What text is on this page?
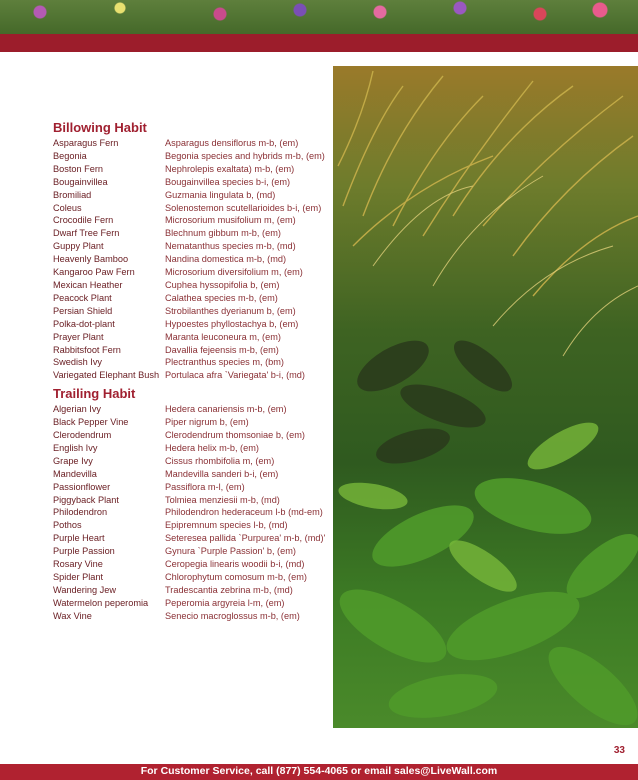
Billowing Habit
Asparagus Fern	Asparagus densiflorus m-b, (em)
Begonia	Begonia species and hybrids m-b, (em)
Boston Fern	Nephrolepis exaltata) m-b, (em)
Bougainvillea	Bougainvillea species b-i, (em)
Bromiliad	Guzmania lingulata b, (md)
Coleus	Solenostemon scutellarioides b-i, (em)
Crocodile Fern	Microsorium musifolium m, (em)
Dwarf Tree Fern	Blechnum gibbum m-b, (em)
Guppy Plant	Nematanthus species m-b, (md)
Heavenly Bamboo	Nandina domestica m-b, (md)
Kangaroo Paw Fern	Microsorium diversifolium m, (em)
Mexican Heather	Cuphea hyssopifolia b, (em)
Peacock Plant	Calathea species m-b, (em)
Persian Shield	Strobilanthes dyerianum b, (em)
Polka-dot-plant	Hypoestes phyllostachya b, (em)
Prayer Plant	Maranta leuconeura m, (em)
Rabbitsfoot Fern	Davallia fejeensis m-b, (em)
Swedish Ivy	Plectranthus species m, (bm)
Variegated Elephant Bush Portulaca afra `Variegata' b-i, (md)
Trailing Habit
Algerian Ivy	Hedera canariensis m-b, (em)
Black Pepper Vine	Piper nigrum b, (em)
Clerodendrum	Clerodendrum thomsoniae b, (em)
English Ivy	Hedera helix m-b, (em)
Grape Ivy	Cissus rhombifolia m, (em)
Mandevilla	Mandevilla sanderi b-i, (em)
Passionflower	Passiflora m-l, (em)
Piggyback Plant	Tolmiea menziesii m-b, (md)
Philodendron	Philodendron hederaceum l-b (md-em)
Pothos	Epipremnum species l-b, (md)
Purple Heart	Seteresea pallida `Purpurea' m-b, (md)'
Purple Passion	Gynura `Purple Passion' b, (em)
Rosary Vine	Ceropegia linearis woodii b-i, (md)
Spider Plant	Chlorophytum comosum m-b, (em)
Wandering Jew	Tradescantia zebrina m-b, (md)
Watermelon peperomia	Peperomia argyreia l-m, (em)
Wax Vine	Senecio macroglossus m-b, (em)
33
For Customer Service, call (877) 554-4065 or email sales@LiveWall.com
